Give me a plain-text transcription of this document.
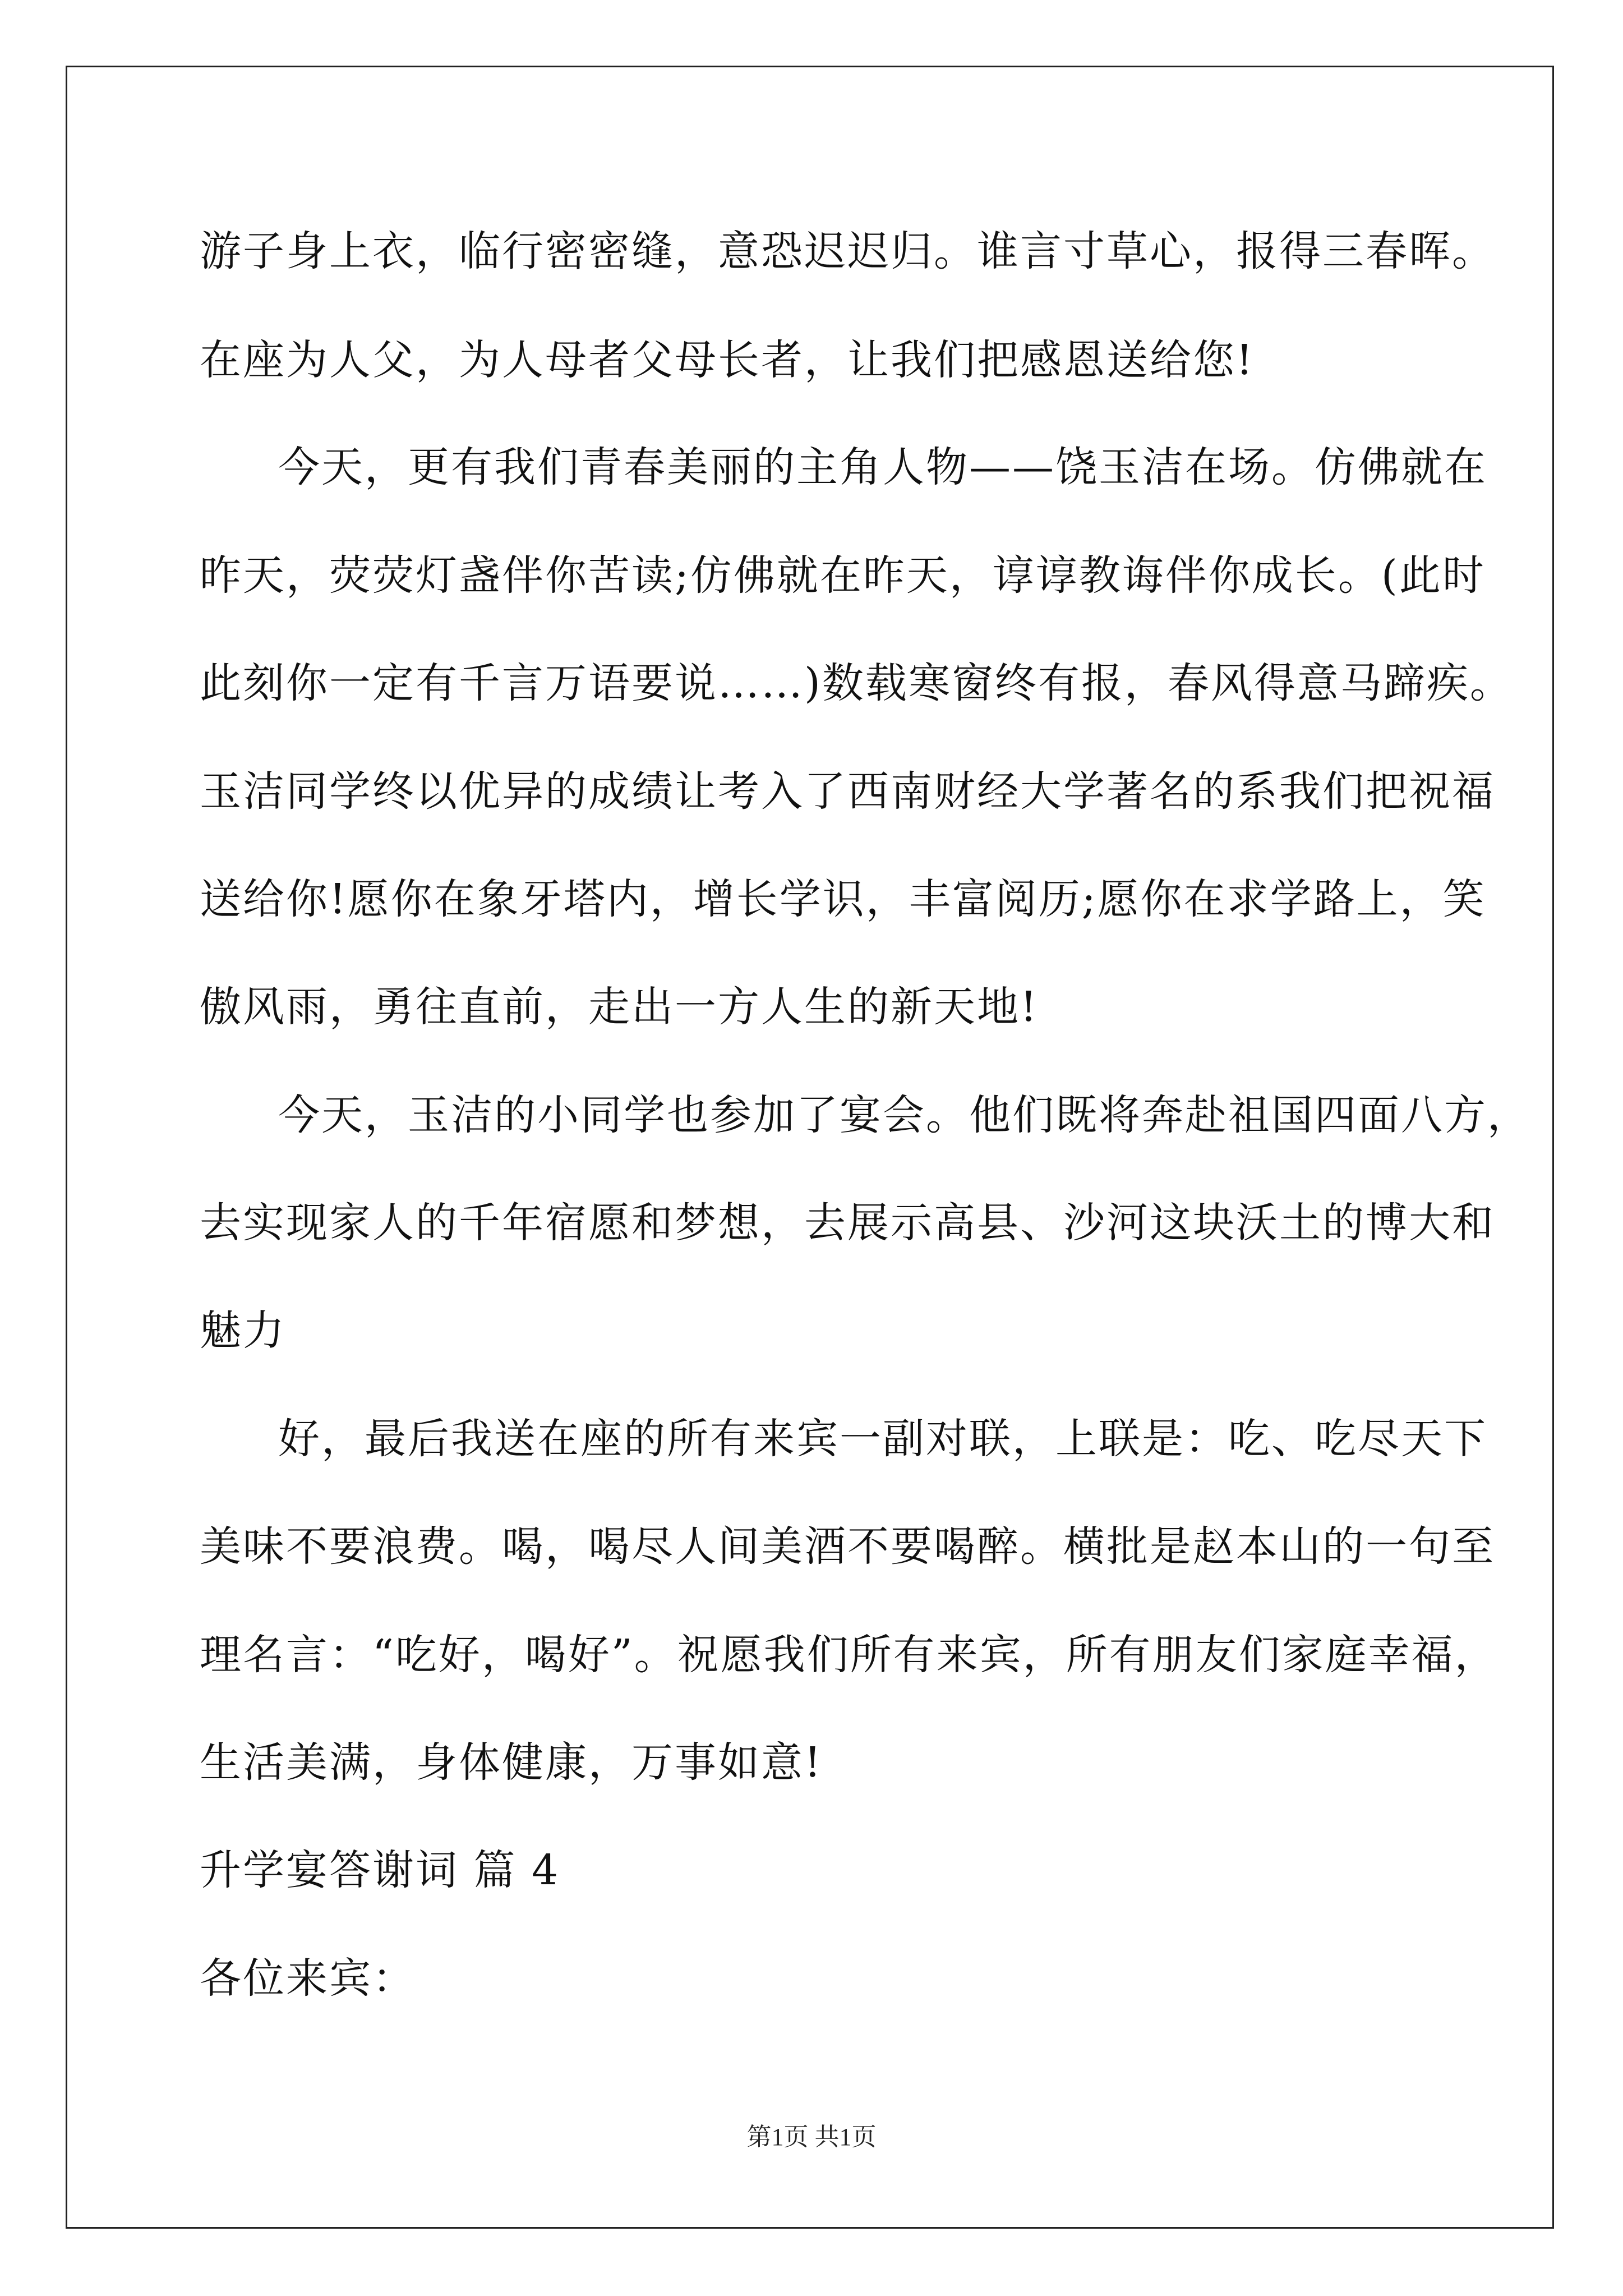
游子身上衣，临行密密缝，意恐迟迟归。谁言寸草心，报得三春晖。
在座为人父，为人母者父母长者，让我们把感恩送给您!
今天，更有我们青春美丽的主角人物——饶玉洁在场。仿佛就在
昨天，荧荧灯盏伴你苦读;仿佛就在昨天，谆谆教诲伴你成长。(此时
此刻你一定有千言万语要说……)数载寒窗终有报，春风得意马蹄疾。
玉洁同学终以优异的成绩让考入了西南财经大学著名的系我们把祝福
送给你!愿你在象牙塔内，增长学识，丰富阅历;愿你在求学路上，笑
傲风雨，勇往直前，走出一方人生的新天地!
今天，玉洁的小同学也参加了宴会。他们既将奔赴祖国四面八方，
去实现家人的千年宿愿和梦想，去展示高县、沙河这块沃土的博大和
魅力
好，最后我送在座的所有来宾一副对联，上联是：吃、吃尽天下
美味不要浪费。喝，喝尽人间美酒不要喝醉。横批是赵本山的一句至
理名言：“吃好，喝好”。祝愿我们所有来宾，所有朋友们家庭幸福，
生活美满，身体健康，万事如意!
升学宴答谢词 篇 4
各位来宾：
第1页 共1页
